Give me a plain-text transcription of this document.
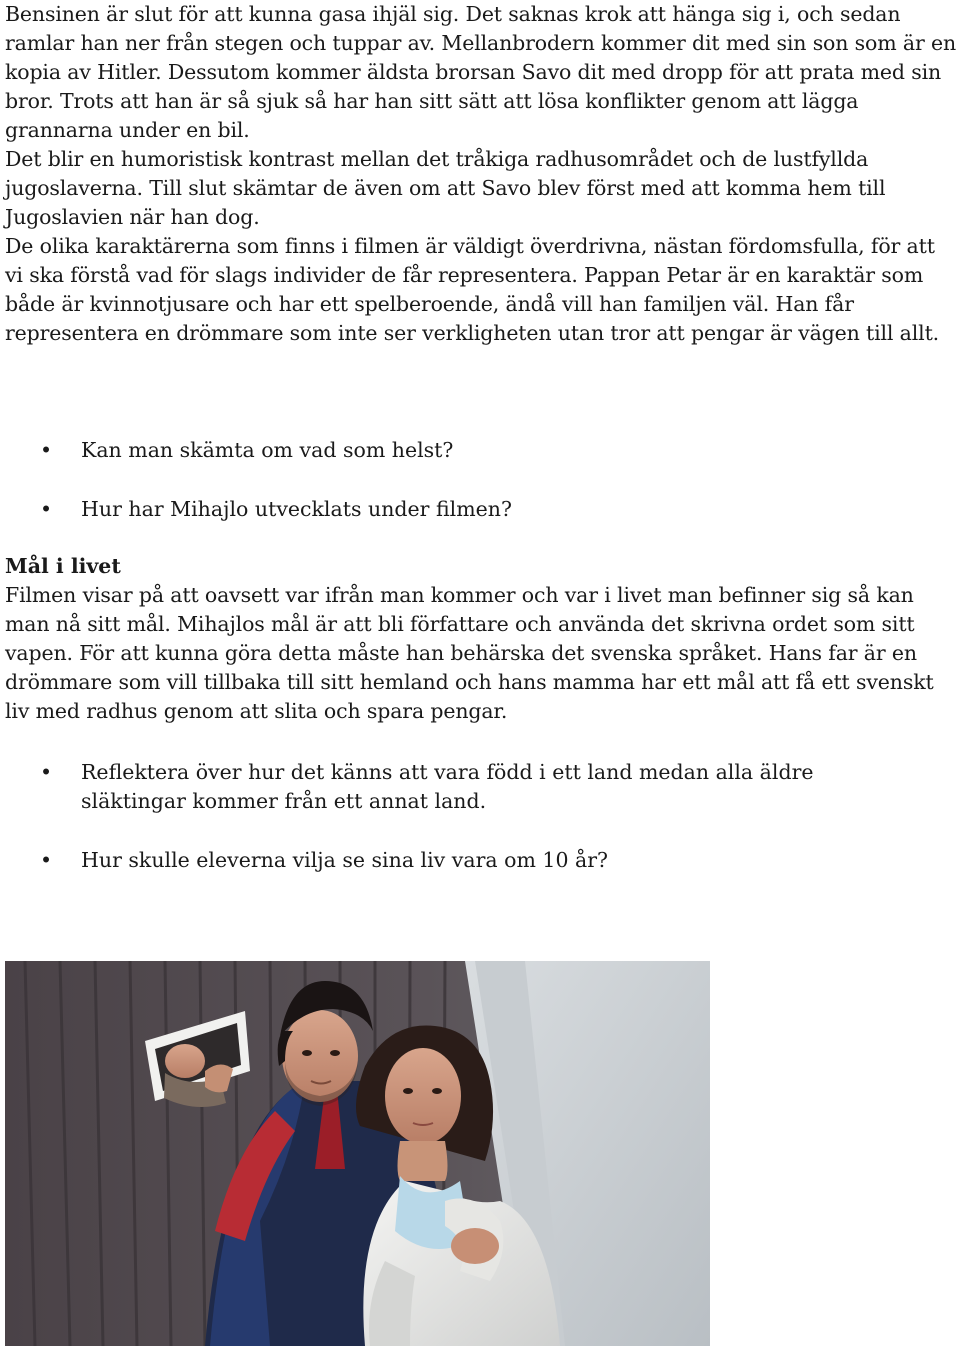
Bensinen är slut för att kunna gasa ihjäl sig. Det saknas krok att hänga sig i, och sedan ramlar han ner från stegen och tuppar av. Mellanbrodern kommer dit med sin son som är en kopia av Hitler. Dessutom kommer äldsta brorsan Savo dit med dropp för att prata med sin bror. Trots att han är så sjuk så har han sitt sätt att lösa konflikter genom att lägga grannarna under en bil.

Det blir en humoristisk kontrast mellan det tråkiga radhusområdet och de lustfyllda jugoslaverna. Till slut skämtar de även om att Savo blev först med att komma hem till Jugoslavien när han dog.

De olika karaktärerna som finns i filmen är väldigt överdrivna, nästan fördomsfulla, för att vi ska förstå vad för slags individer de får representera. Pappan Petar är en karaktär som både är kvinnotjusare och har ett spelberoende, ändå vill han familjen väl. Han får representera en drömmare som inte ser verkligheten utan tror att pengar är vägen till allt.

• Kan man skämta om vad som helst?
• Hur har Mihajlo utvecklats under filmen?

Mål i livet

Filmen visar på att oavsett var ifrån man kommer och var i livet man befinner sig så kan man nå sitt mål. Mihajlos mål är att bli författare och använda det skrivna ordet som sitt vapen. För att kunna göra detta måste han behärska det svenska språket. Hans far är en drömmare som vill tillbaka till sitt hemland och hans mamma har ett mål att få ett svenskt liv med radhus genom att slita och spara pengar.

• Reflektera över hur det känns att vara född i ett land medan alla äldre släktingar kommer från ett annat land.
• Hur skulle eleverna vilja se sina liv vara om 10 år?
